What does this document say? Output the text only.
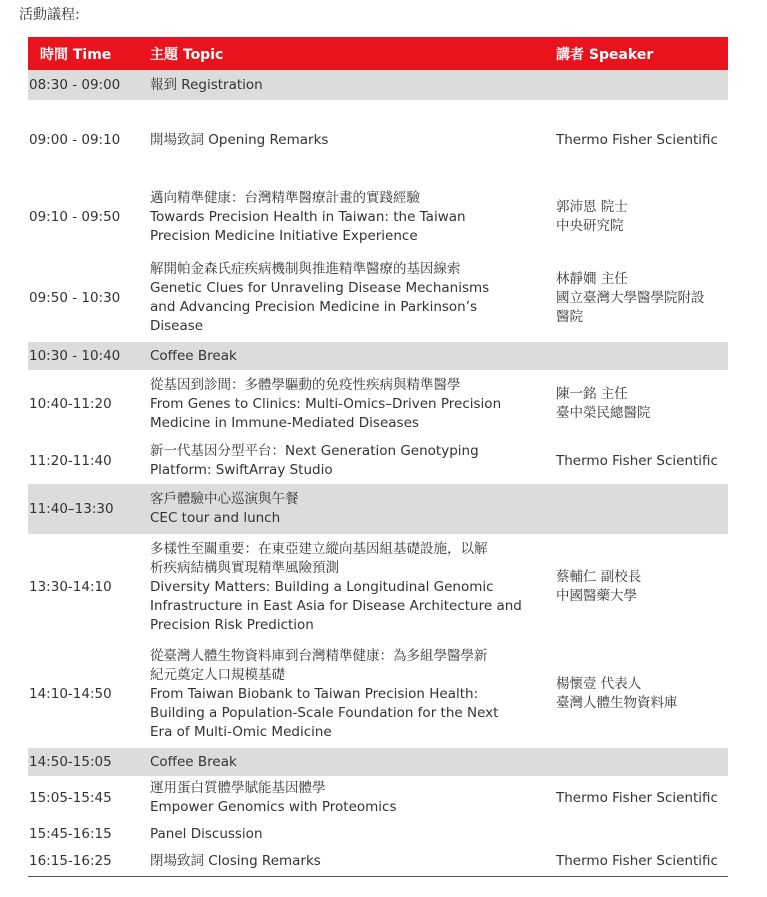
活動議程:
時間 Time	主題 Topic	講者 Speaker
08:30 - 09:00	報到 Registration	

09:00 - 09:10	開場致詞 Opening Remarks	Thermo Fisher Scientific

09:10 - 09:50	邁向精準健康：台灣精準醫療計畫的實踐經驗
Towards Precision Health in Taiwan: the Taiwan
Precision Medicine Initiative Experience	郭沛恩 院士
中央研究院

09:50 - 10:30	解開帕金森氏症疾病機制與推進精準醫療的基因線索
Genetic Clues for Unraveling Disease Mechanisms
and Advancing Precision Medicine in Parkinson’s
Disease	林靜嫺 主任
國立臺灣大學醫學院附設
醫院

10:30 - 10:40	Coffee Break	

10:40-11:20	從基因到診間：多體學驅動的免疫性疾病與精準醫學
From Genes to Clinics: Multi-Omics–Driven Precision
Medicine in Immune-Mediated Diseases	陳一銘 主任
臺中榮民總醫院

11:20-11:40	新一代基因分型平台：Next Generation Genotyping
Platform: SwiftArray Studio	Thermo Fisher Scientific

11:40–13:30	客戶體驗中心巡演與午餐
CEC tour and lunch	

13:30-14:10	多樣性至關重要：在東亞建立縱向基因組基礎設施，以解
析疾病結構與實現精準風險預測
Diversity Matters: Building a Longitudinal Genomic
Infrastructure in East Asia for Disease Architecture and
Precision Risk Prediction	蔡輔仁 副校長
中國醫藥大學

14:10-14:50	從臺灣人體生物資料庫到台灣精準健康：為多組學醫學新
紀元奠定人口規模基礎
From Taiwan Biobank to Taiwan Precision Health:
Building a Population-Scale Foundation for the Next
Era of Multi-Omic Medicine	楊懷壹 代表人
臺灣人體生物資料庫

14:50-15:05	Coffee Break	

15:05-15:45	運用蛋白質體學賦能基因體學
Empower Genomics with Proteomics	Thermo Fisher Scientific

15:45-16:15	Panel Discussion	

16:15-16:25	閉場致詞 Closing Remarks	Thermo Fisher Scientific
